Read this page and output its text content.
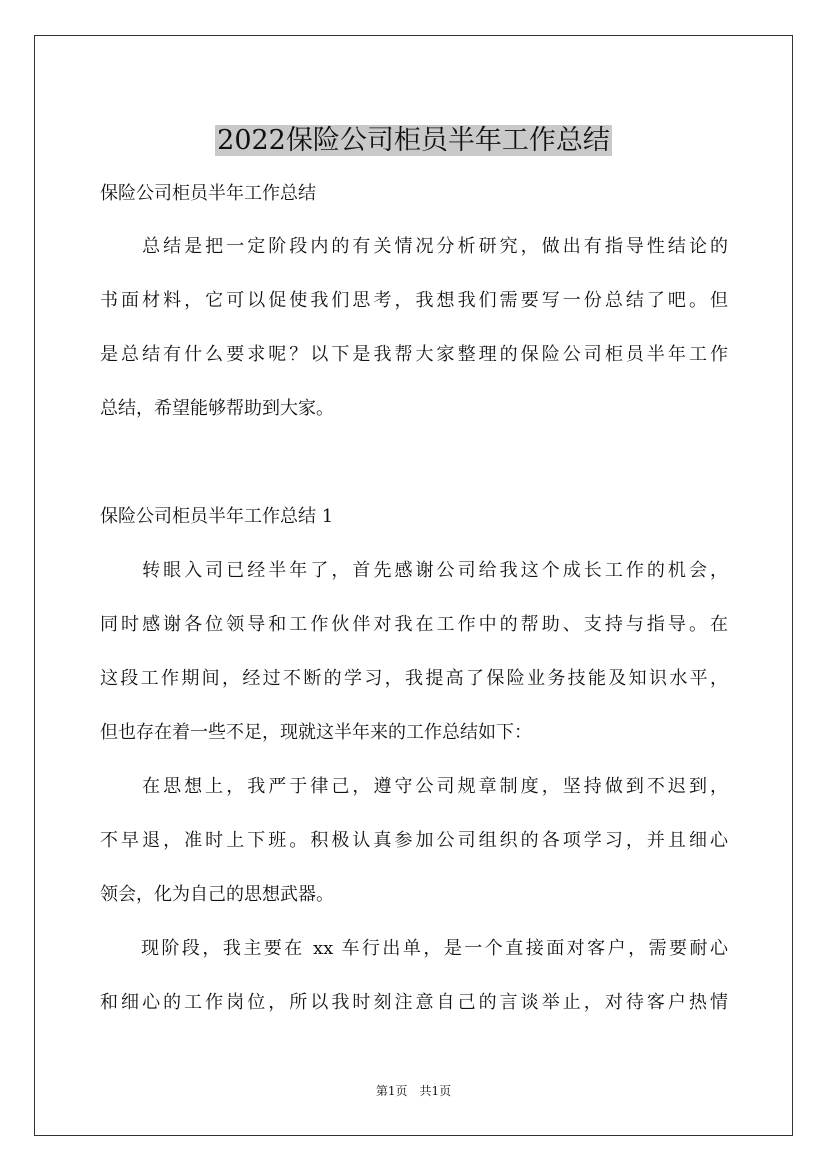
2022保险公司柜员半年工作总结
保险公司柜员半年工作总结
　　总结是把一定阶段内的有关情况分析研究，做出有指导性结论的
书面材料，它可以促使我们思考，我想我们需要写一份总结了吧。但
是总结有什么要求呢？以下是我帮大家整理的保险公司柜员半年工作
总结，希望能够帮助到大家。
保险公司柜员半年工作总结 1
　　转眼入司已经半年了，首先感谢公司给我这个成长工作的机会，
同时感谢各位领导和工作伙伴对我在工作中的帮助、支持与指导。在
这段工作期间，经过不断的学习，我提高了保险业务技能及知识水平，
但也存在着一些不足，现就这半年来的工作总结如下：
　　在思想上，我严于律己，遵守公司规章制度，坚持做到不迟到，
不早退，准时上下班。积极认真参加公司组织的各项学习，并且细心
领会，化为自己的思想武器。
　　现阶段，我主要在 xx 车行出单，是一个直接面对客户，需要耐心
和细心的工作岗位，所以我时刻注意自己的言谈举止，对待客户热情
第1页　共1页
